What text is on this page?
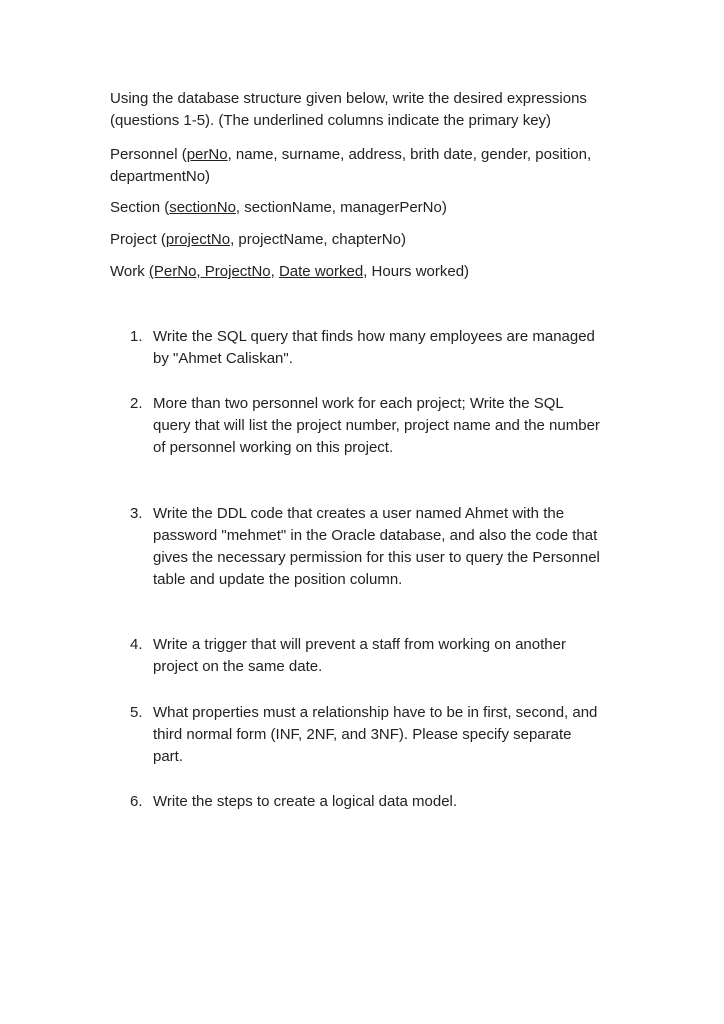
Using the database structure given below, write the desired expressions (questions 1-5). (The underlined columns indicate the primary key)
Personnel (perNo, name, surname, address, brith date, gender, position, departmentNo)
Section (sectionNo, sectionName, managerPerNo)
Project (projectNo, projectName, chapterNo)
Work (PerNo, ProjectNo, Date worked, Hours worked)
1. Write the SQL query that finds how many employees are managed by "Ahmet Caliskan".
2. More than two personnel work for each project; Write the SQL query that will list the project number, project name and the number of personnel working on this project.
3. Write the DDL code that creates a user named Ahmet with the password "mehmet" in the Oracle database, and also the code that gives the necessary permission for this user to query the Personnel table and update the position column.
4. Write a trigger that will prevent a staff from working on another project on the same date.
5. What properties must a relationship have to be in first, second, and third normal form (INF, 2NF, and 3NF). Please specify separate part.
6. Write the steps to create a logical data model.
